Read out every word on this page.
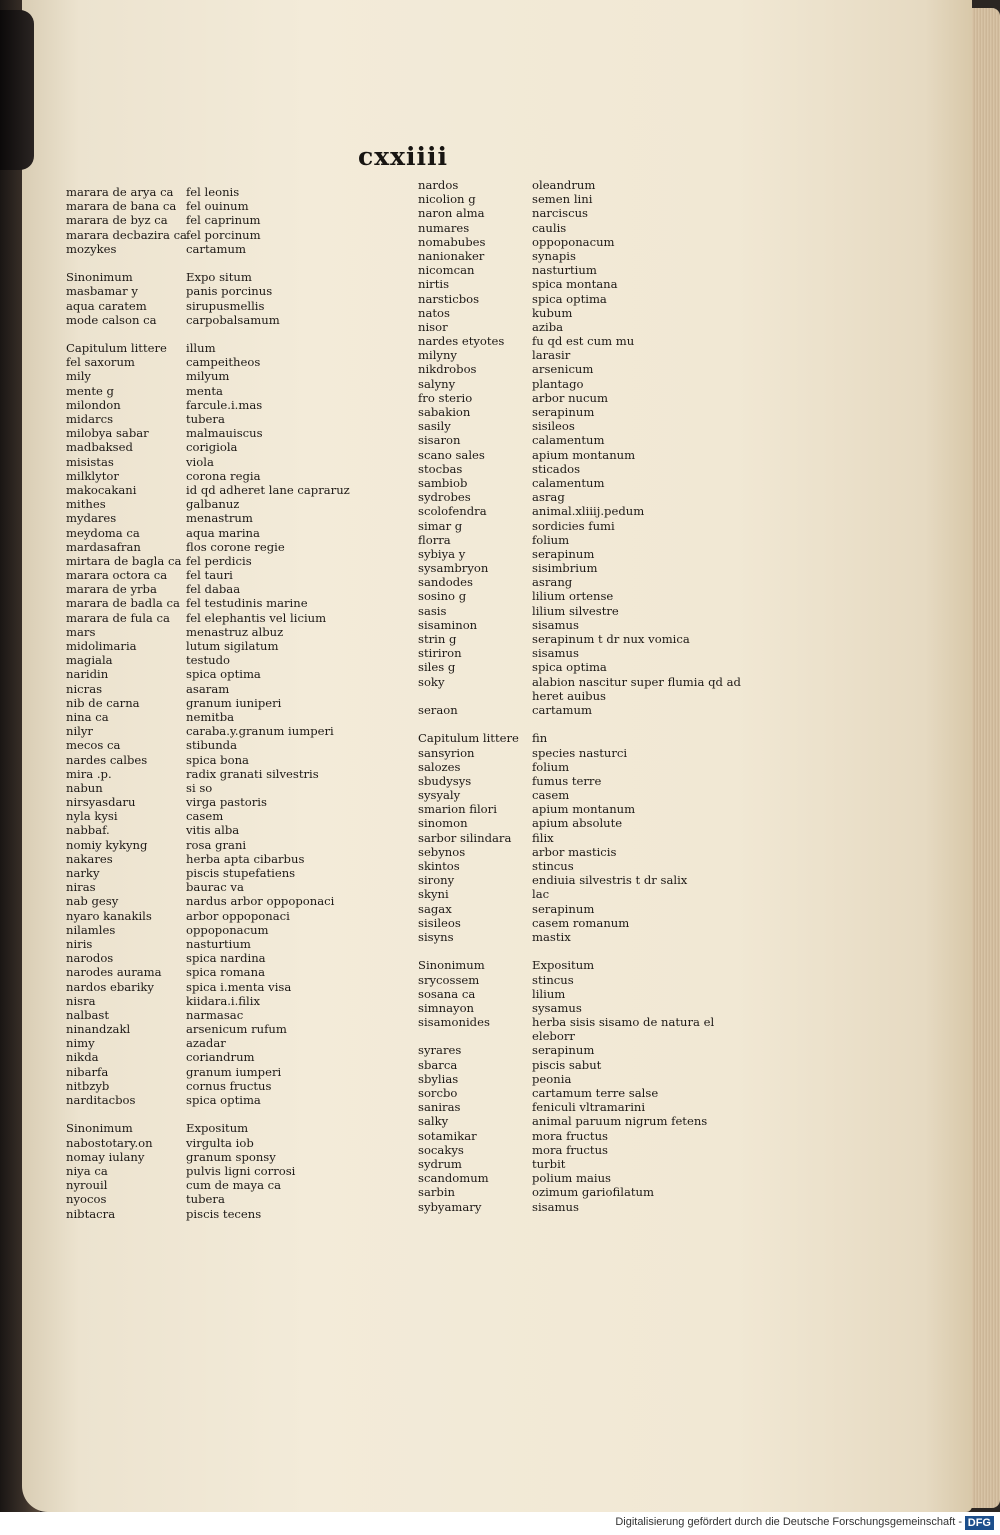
cxxiiii
marara de arya ca
marara de bana ca
marara de byz ca
marara decbazira ca
mozykes
Sinonimum
masbamar y
aqua caratem
mode calson ca
Capitulum littere
fel saxorum
mily
mente g
milondon
midarcs
milobya sabar
madbaksed
misistas
milklytor
makocakani
mithes
mydares
meydoma ca
mardasafran
mirtara de bagla ca
marara octora ca
marara de yrba
marara de badla ca
marara de fula ca
mars
midolimaria
magiala
naridin
nicras
nib de carna
nina ca
nilyr
mecos ca
nardes calbes
mira .p.
nabun
nirsyasdaru
nyla kysi
nabbaf.
nomiy kykyng
nakares
narky
niras
nab gesy
nyaro kanakils
nilamles
niris
narodos
narodes aurama
nardos ebariky
nisra
nalbast
ninandzakl
nimy
nikda
nibarfa
nitbzyb
narditacbos
Sinonimum
nabostotary.on
nomay iulany
niya ca
nyrouil
nyocos
nibtacra
fel leonis
fel ouinum
fel caprinum
fel porcinum
cartamum
Expo situm
panis porcinus
sirupusmellis
carpobalsamum
illum
campeitheos
milyum
menta
farcule.i.mas
tubera
malmauiscus
corigiola
viola
corona regia
id qd adheret lane capraruz
galbanuz
menastrum
aqua marina
flos corone regie
fel perdicis
fel tauri
fel dabaa
fel testudinis marine
fel elephantis vel licium
menastruz albuz
lutum sigilatum
testudo
spica optima
asaram
granum iuniperi
nemitba
caraba.y.granum iumperi
stibunda
spica bona
radix granati silvestris
si so
virga pastoris
casem
vitis alba
rosa grani
herba apta cibarbus
piscis stupefatiens
baurac va
nardus arbor oppoponaci
arbor oppoponaci
oppoponacum
nasturtium
spica nardina
spica romana
spica i.menta visa
kiidara.i.filix
narmasac
arsenicum rufum
azadar
coriandrum
granum iumperi
cornus fructus
spica optima
Expositum
virgulta iob
granum sponsy
pulvis ligni corrosi
cum de maya ca
tubera
piscis tecens
nardos
nicolion g
naron alma
numares
nomabubes
nanionaker
nicomcan
nirtis
narsticbos
natos
nisor
nardes etyotes
milyny
nikdrobos
salyny
fro sterio
sabakion
sasily
sisaron
scano sales
stocbas
sambiob
sydrobes
scolofendra
simar g
florra
sybiya y
sysambryon
sandodes
sosino g
sasis
sisaminon
strin g
stiriron
siles g
soky
seraon
Capitulum littere
sansyrion
salozes
sbudysys
sysyaly
smarion filori
sinomon
sarbor silindara
sebynos
skintos
sirony
skyni
sagax
sisileos
sisyns
Sinonimum
srycossem
sosana ca
simnayon
sisamonides
syrares
sbarca
sbylias
sorcbo
saniras
salky
sotamikar
socakys
sydrum
scandomum
sarbin
sybyamary
oleandrum
semen lini
narciscus
caulis
oppoponacum
synapis
nasturtium
spica montana
spica optima
kubum
aziba
fu qd est cum mu
larasir
arsenicum
plantago
arbor nucum
serapinum
sisileos
calamentum
apium montanum
sticados
calamentum
asrag
animal.xliiij.pedum
sordicies fumi
folium
serapinum
sisimbrium
asrang
lilium ortense
lilium silvestre
sisamus
serapinum t dr nux vomica
sisamus
spica optima
alabion nascitur super flumia qd ad
heret auibus
cartamum
fin
species nasturci
folium
fumus terre
casem
apium montanum
apium absolute
filix
arbor masticis
stincus
endiuia silvestris t dr salix
lac
serapinum
casem romanum
mastix
Expositum
stincus
lilium
sysamus
herba sisis sisamo de natura el
eleborr
serapinum
piscis sabut
peonia
cartamum terre salse
feniculi vltramarini
animal paruum nigrum fetens
mora fructus
mora fructus
turbit
polium maius
ozimum gariofilatum
sisamus
Digitalisierung gefördert durch die Deutsche Forschungsgemeinschaft - DFG
